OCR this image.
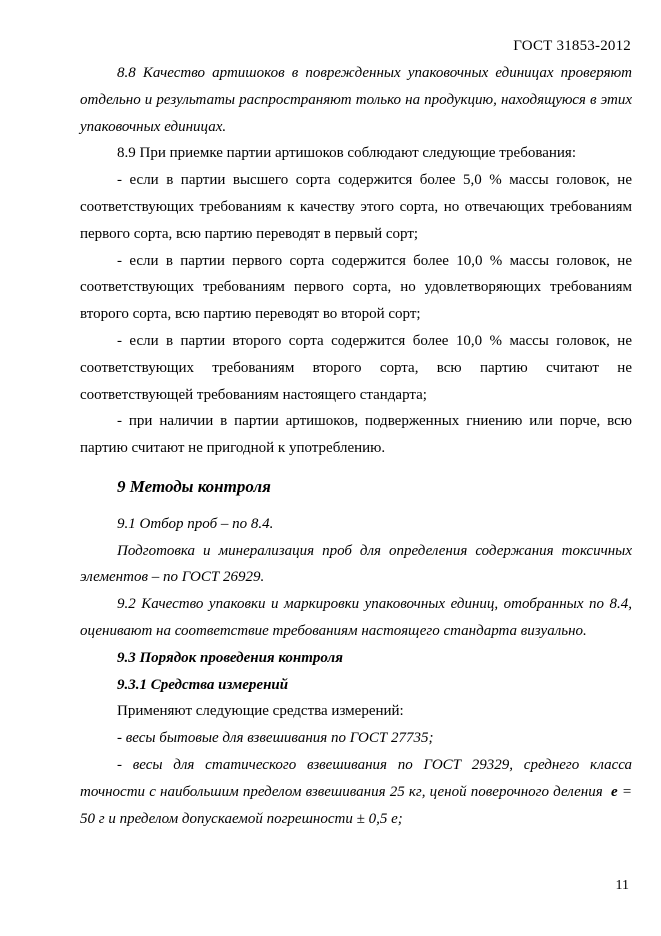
ГОСТ 31853-2012

8.8 Качество артишоков в поврежденных упаковочных единицах проверяют отдельно и результаты распространяют только на продукцию, находящуюся в этих упаковочных единицах.

8.9 При приемке партии артишоков соблюдают следующие требования:

- если в партии высшего сорта содержится более 5,0 % массы головок, не соответствующих требованиям к качеству этого сорта, но отвечающих требованиям первого сорта, всю партию переводят в первый сорт;

- если в партии первого сорта содержится более 10,0 % массы головок, не соответствующих требованиям первого сорта, но удовлетворяющих требованиям второго сорта, всю партию переводят во второй сорт;

- если в партии второго сорта содержится более 10,0 % массы головок, не соответствующих требованиям второго сорта, всю партию считают не соответствующей требованиям настоящего стандарта;

- при наличии в партии артишоков, подверженных гниению или порче, всю партию считают не пригодной к употреблению.

9 Методы контроля

9.1 Отбор проб – по 8.4.

Подготовка и минерализация проб для определения содержания токсичных элементов – по ГОСТ 26929.

9.2 Качество упаковки и маркировки упаковочных единиц, отобранных по 8.4, оценивают на соответствие требованиям настоящего стандарта визуально.

9.3 Порядок проведения контроля

9.3.1 Средства измерений

Применяют следующие средства измерений:

- весы бытовые для взвешивания по ГОСТ 27735;

- весы для статического взвешивания по ГОСТ 29329, среднего класса точности с наибольшим пределом взвешивания 25 кг, ценой поверочного деления e = 50 г и пределом допускаемой погрешности ± 0,5 е;

11
